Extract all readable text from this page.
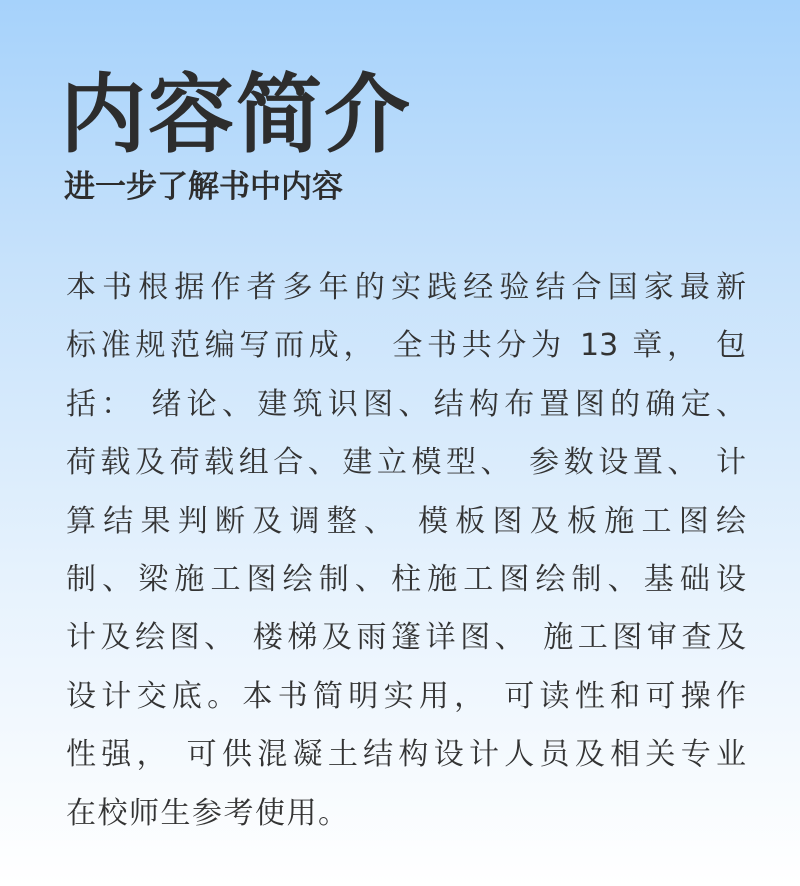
内容简介
进一步了解书中内容
本书根据作者多年的实践经验结合国家最新
标准规范编写而成， 全书共分为 13 章， 包
括： 绪论、建筑识图、结构布置图的确定、
荷载及荷载组合、建立模型、 参数设置、 计
算结果判断及调整、 模板图及板施工图绘
制、梁施工图绘制、柱施工图绘制、基础设
计及绘图、 楼梯及雨篷详图、 施工图审查及
设计交底。本书简明实用， 可读性和可操作
性强， 可供混凝土结构设计人员及相关专业
在校师生参考使用。
